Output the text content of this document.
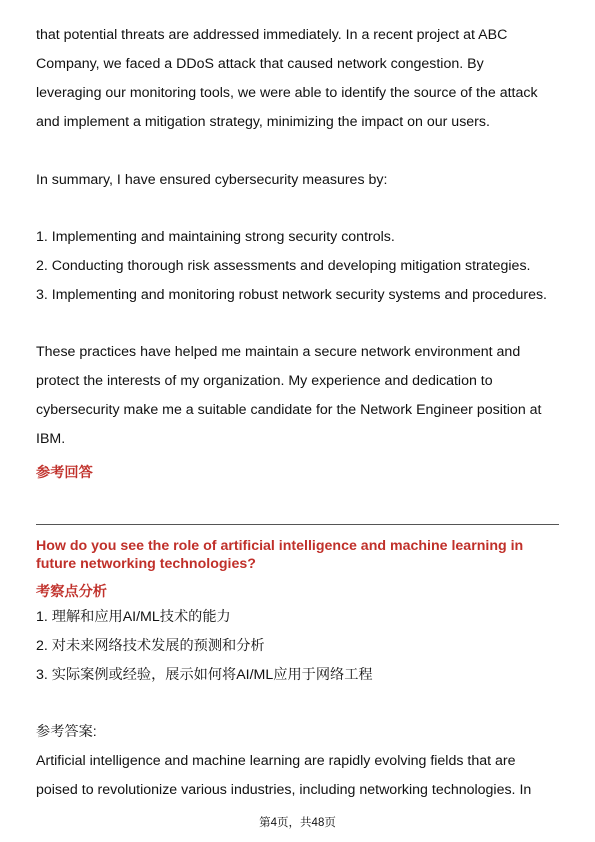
that potential threats are addressed immediately. In a recent project at ABC
Company, we faced a DDoS attack that caused network congestion. By
leveraging our monitoring tools, we were able to identify the source of the attack
and implement a mitigation strategy, minimizing the impact on our users.
In summary, I have ensured cybersecurity measures by:
1. Implementing and maintaining strong security controls.
2. Conducting thorough risk assessments and developing mitigation strategies.
3. Implementing and monitoring robust network security systems and procedures.
These practices have helped me maintain a secure network environment and
protect the interests of my organization. My experience and dedication to
cybersecurity make me a suitable candidate for the Network Engineer position at
IBM.
参考回答
How do you see the role of artificial intelligence and machine learning in
future networking technologies?
考察点分析
1. 理解和应用AI/ML技术的能力
2. 对未来网络技术发展的预测和分析
3. 实际案例或经验，展示如何将AI/ML应用于网络工程
参考答案:
Artificial intelligence and machine learning are rapidly evolving fields that are
poised to revolutionize various industries, including networking technologies. In
第4页，共48页
